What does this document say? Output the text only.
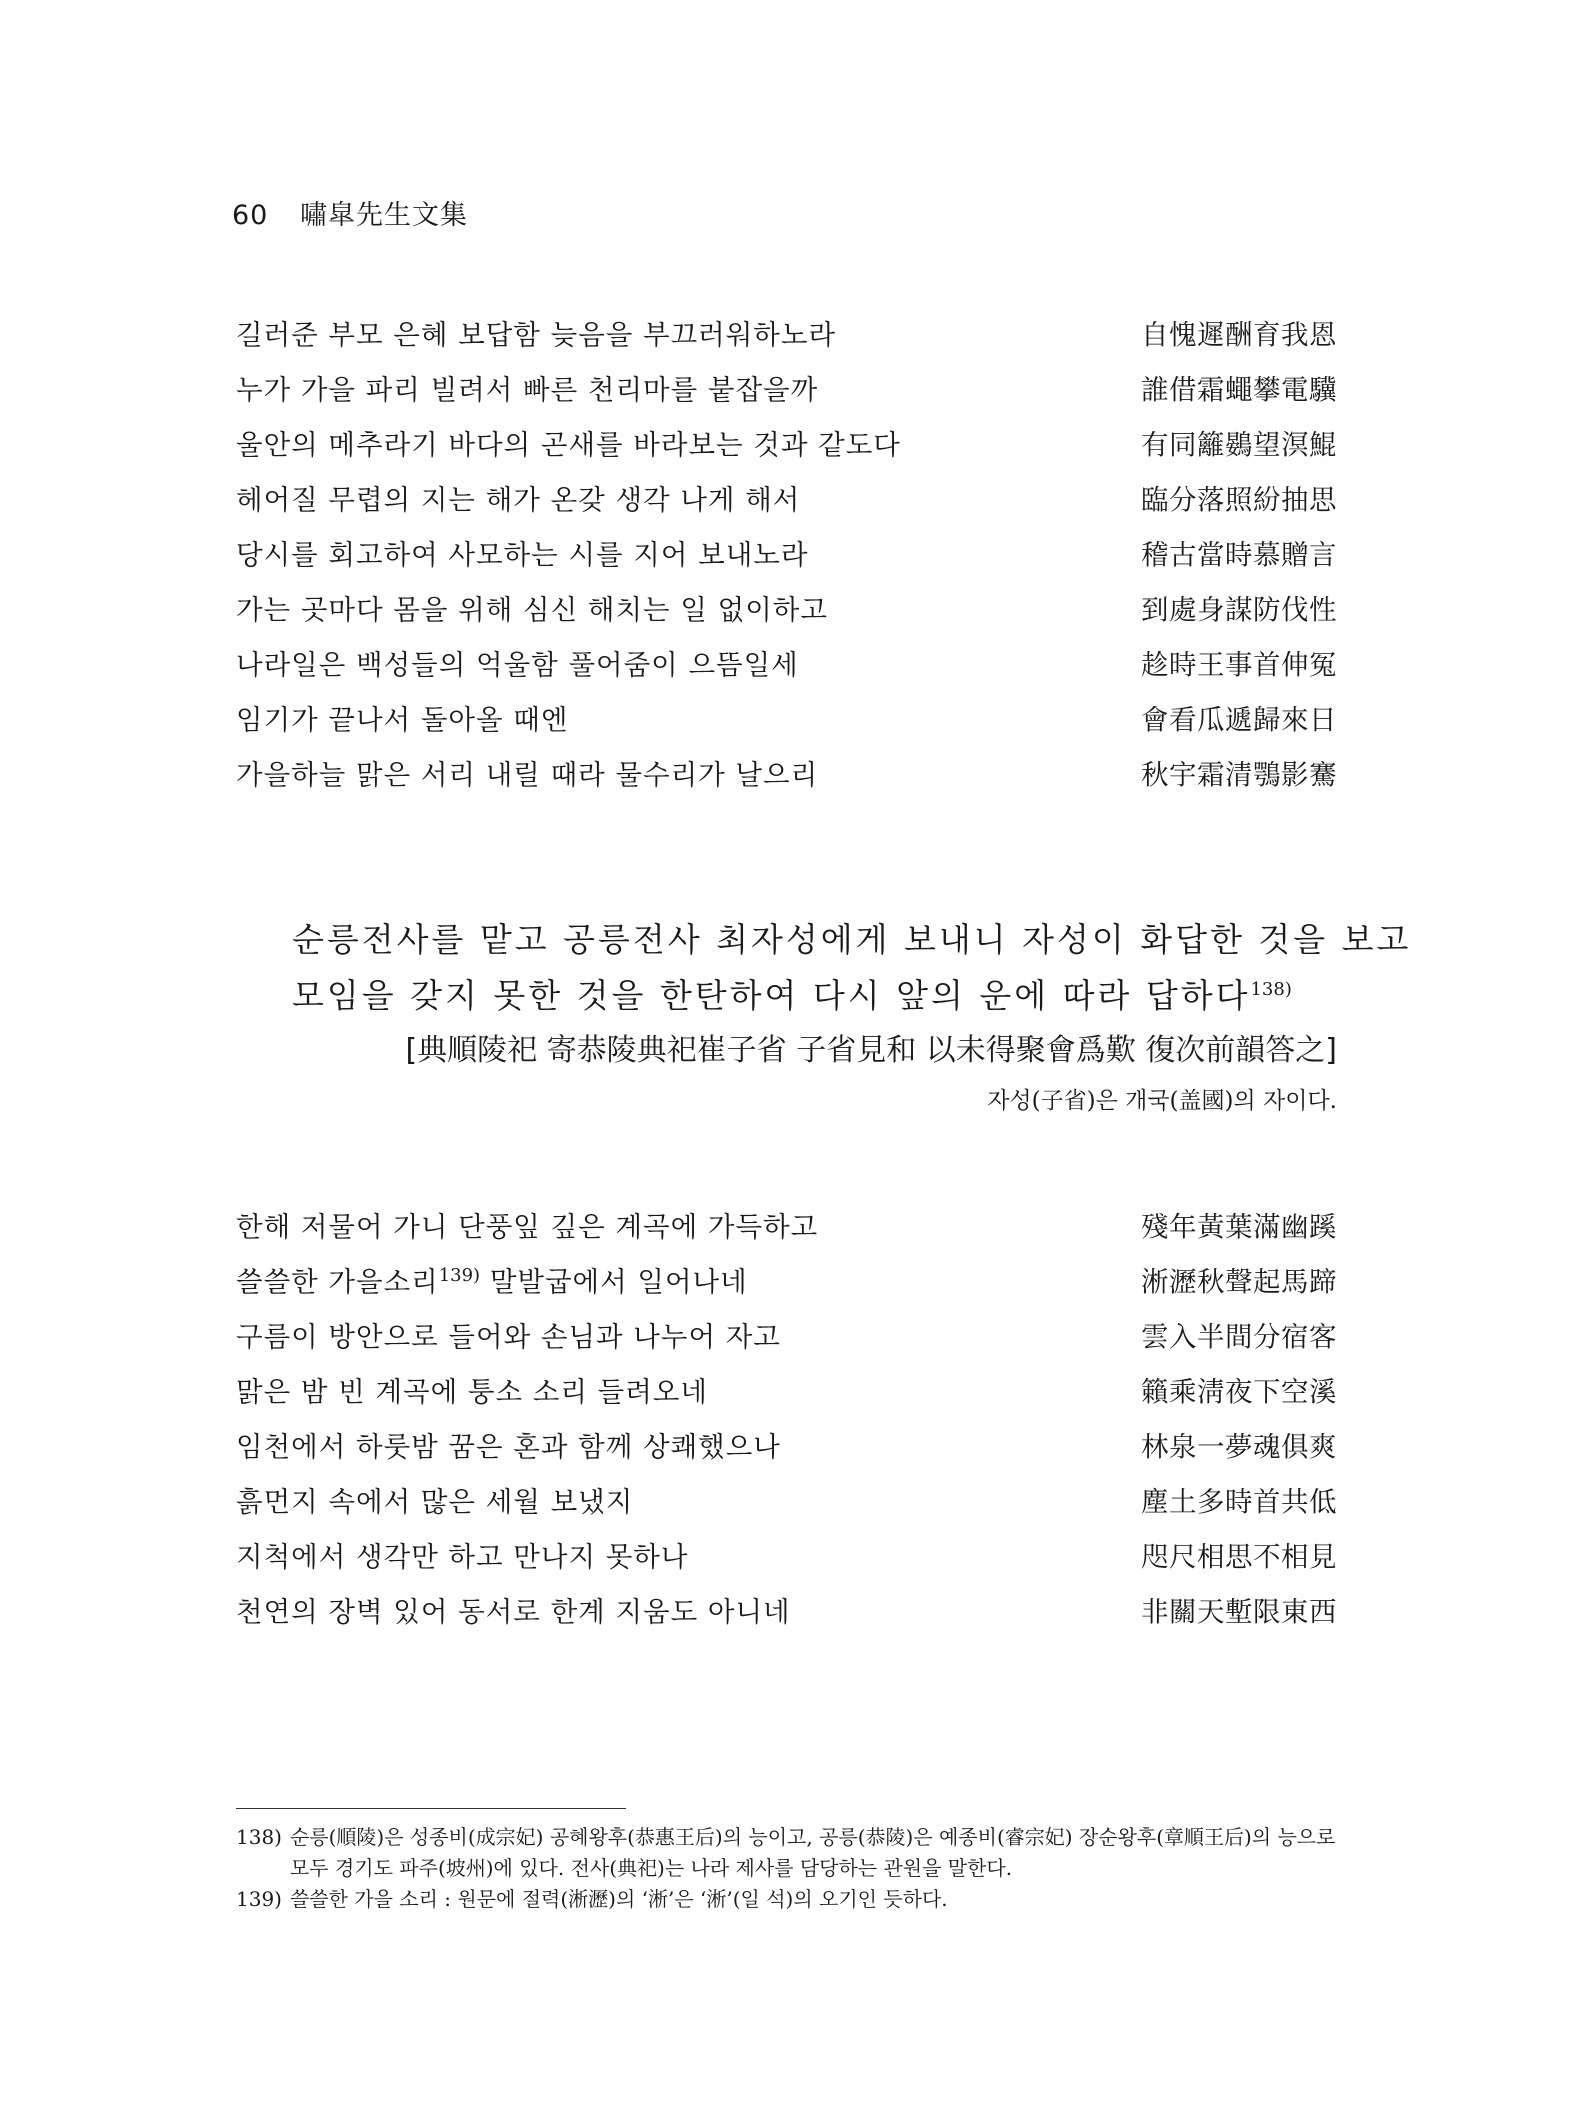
60 嘯皐先生文集
길러준 부모 은혜 보답함 늦음을 부끄러워하노라	自愧遲酬育我恩
누가 가을 파리 빌려서 빠른 천리마를 붙잡을까	誰借霜蠅攀電驥
울안의 메추라기 바다의 곤새를 바라보는 것과 같도다	有同籬鷃望溟鯤
헤어질 무렵의 지는 해가 온갖 생각 나게 해서	臨分落照紛抽思
당시를 회고하여 사모하는 시를 지어 보내노라	稽古當時慕贈言
가는 곳마다 몸을 위해 심신 해치는 일 없이하고	到處身謀防伐性
나라일은 백성들의 억울함 풀어줌이 으뜸일세	趁時王事首伸冤
임기가 끝나서 돌아올 때엔	會看瓜遞歸來日
가을하늘 맑은 서리 내릴 때라 물수리가 날으리	秋宇霜清鶚影騫
순릉전사를 맡고 공릉전사 최자성에게 보내니 자성이 화답한 것을 보고
모임을 갖지 못한 것을 한탄하여 다시 앞의 운에 따라 답하다$^{138)}$
[典順陵祀 寄恭陵典祀崔子省 子省見和 以未得聚會爲歎 復次前韻答之]
자성(子省)은 개국(盖國)의 자이다.
한해 저물어 가니 단풍잎 깊은 계곡에 가득하고	殘年黃葉滿幽蹊
쓸쓸한 가을소리$^{139)}$ 말발굽에서 일어나네	淅瀝秋聲起馬蹄
구름이 방안으로 들어와 손님과 나누어 자고	雲入半間分宿客
맑은 밤 빈 계곡에 퉁소 소리 들려오네	籟乘淸夜下空溪
임천에서 하룻밤 꿈은 혼과 함께 상쾌했으나	林泉一夢魂俱爽
흙먼지 속에서 많은 세월 보냈지	塵土多時首共低
지척에서 생각만 하고 만나지 못하나	咫尺相思不相見
천연의 장벽 있어 동서로 한계 지움도 아니네	非關天塹限東西
138) 순릉(順陵)은 성종비(成宗妃) 공혜왕후(恭惠王后)의 능이고, 공릉(恭陵)은 예종비(睿宗妃) 장순왕후(章順王后)의 능으로 모두 경기도 파주(坡州)에 있다. 전사(典祀)는 나라 제사를 담당하는 관원을 말한다.
139) 쓸쓸한 가을 소리 : 원문에 절력(淅瀝)의 ‘淅’은 ‘淅’(일 석)의 오기인 듯하다.
